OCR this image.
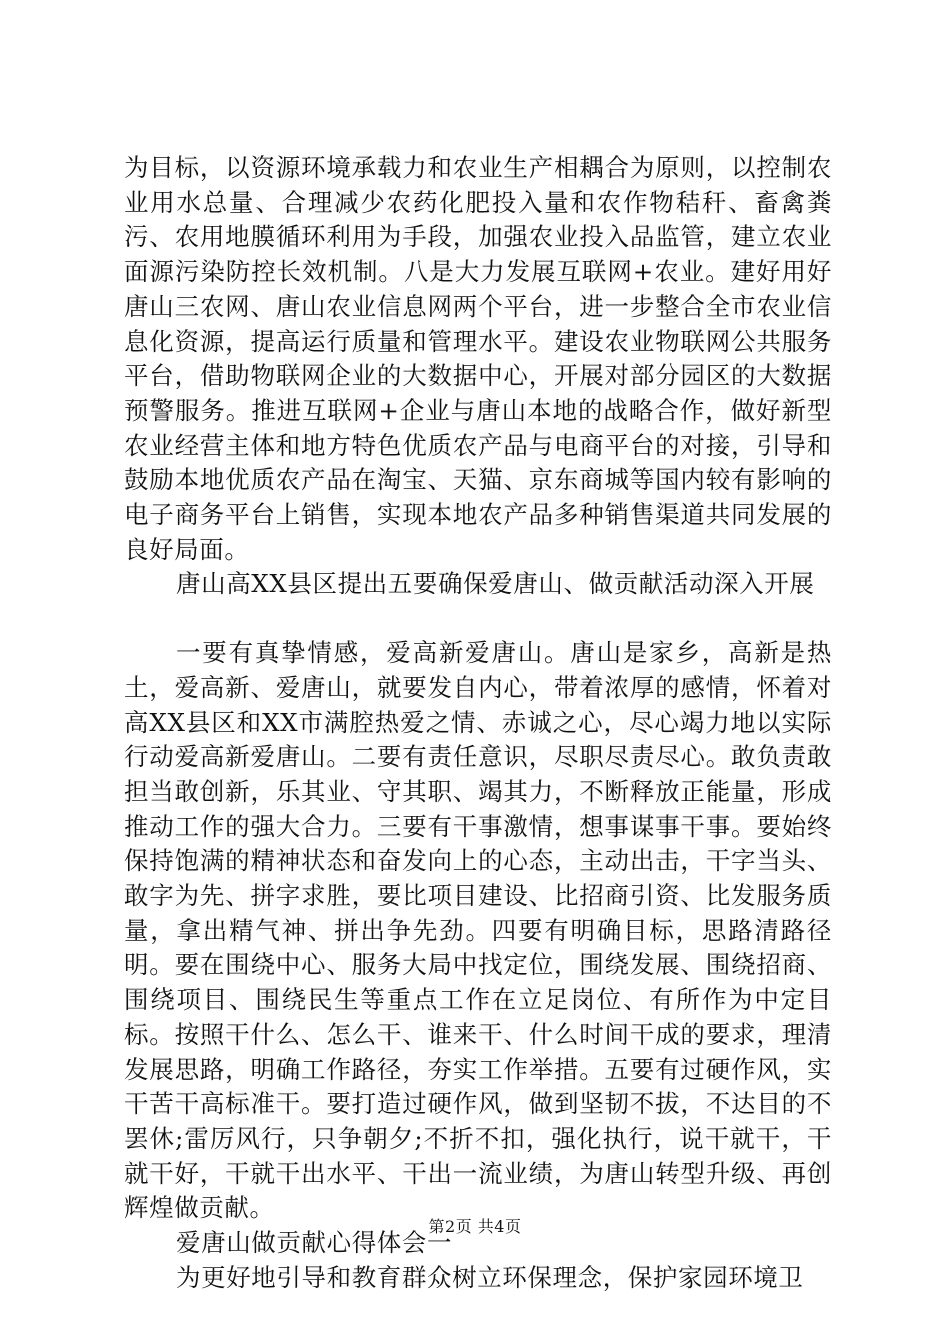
为目标，以资源环境承载力和农业生产相耦合为原则，以控制农业用水总量、合理减少农药化肥投入量和农作物秸秆、畜禽粪污、农用地膜循环利用为手段，加强农业投入品监管，建立农业面源污染防控长效机制。八是大力发展互联网+农业。建好用好唐山三农网、唐山农业信息网两个平台，进一步整合全市农业信息化资源，提高运行质量和管理水平。建设农业物联网公共服务平台，借助物联网企业的大数据中心，开展对部分园区的大数据预警服务。推进互联网+企业与唐山本地的战略合作，做好新型农业经营主体和地方特色优质农产品与电商平台的对接，引导和鼓励本地优质农产品在淘宝、天猫、京东商城等国内较有影响的电子商务平台上销售，实现本地农产品多种销售渠道共同发展的良好局面。

唐山高XX县区提出五要确保爱唐山、做贡献活动深入开展

一要有真挚情感，爱高新爱唐山。唐山是家乡，高新是热土，爱高新、爱唐山，就要发自内心，带着浓厚的感情，怀着对高XX县区和XX市满腔热爱之情、赤诚之心，尽心竭力地以实际行动爱高新爱唐山。二要有责任意识，尽职尽责尽心。敢负责敢担当敢创新，乐其业、守其职、竭其力，不断释放正能量，形成推动工作的强大合力。三要有干事激情，想事谋事干事。要始终保持饱满的精神状态和奋发向上的心态，主动出击，干字当头、敢字为先、拼字求胜，要比项目建设、比招商引资、比发服务质量，拿出精气神、拼出争先劲。四要有明确目标，思路清路径明。要在围绕中心、服务大局中找定位，围绕发展、围绕招商、围绕项目、围绕民生等重点工作在立足岗位、有所作为中定目标。按照干什么、怎么干、谁来干、什么时间干成的要求，理清发展思路，明确工作路径，夯实工作举措。五要有过硬作风，实干苦干高标准干。要打造过硬作风，做到坚韧不拔，不达目的不罢休;雷厉风行，只争朝夕;不折不扣，强化执行，说干就干，干就干好，干就干出水平、干出一流业绩，为唐山转型升级、再创辉煌做贡献。

爱唐山做贡献心得体会一

为更好地引导和教育群众树立环保理念，保护家园环境卫

第2页 共4页
